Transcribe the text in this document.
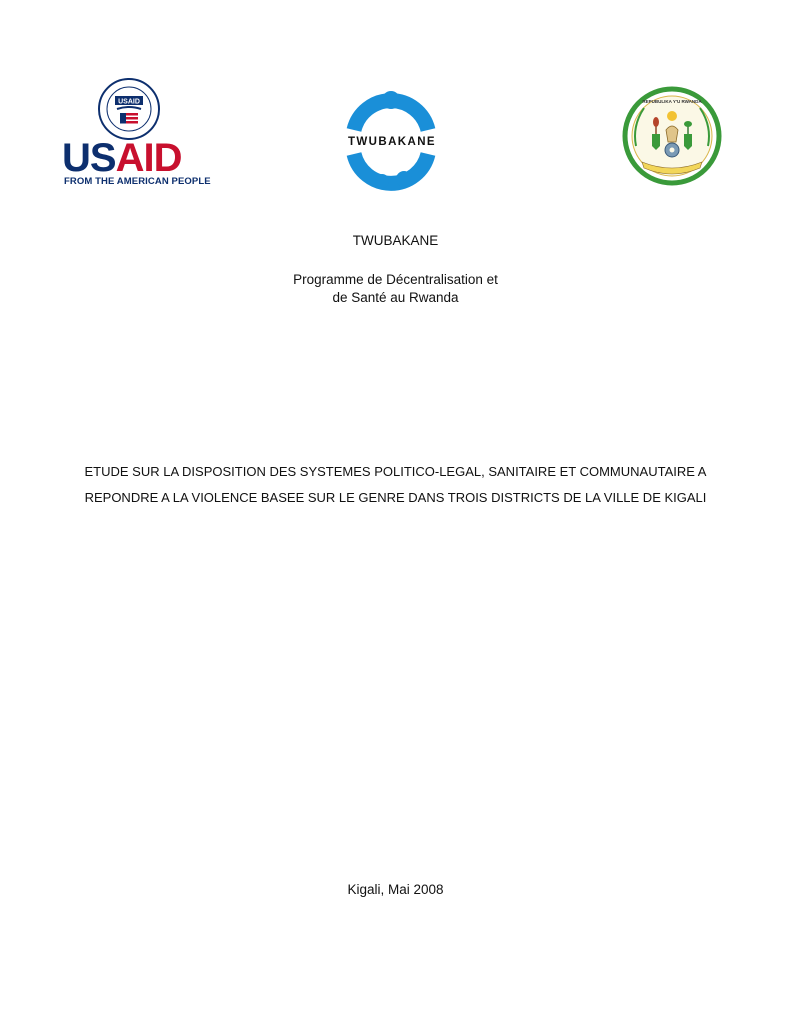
USAID
USAID
FROM THE AMERICAN PEOPLE
TWUBAKANE
REPUBULIKA Y'U RWANDA
TWUBAKANE
Programme de Décentralisation et
de Santé au Rwanda
ETUDE SUR LA DISPOSITION DES SYSTEMES POLITICO-LEGAL, SANITAIRE ET COMMUNAUTAIRE A
REPONDRE A LA VIOLENCE BASEE SUR LE GENRE DANS TROIS DISTRICTS DE LA VILLE DE KIGALI
Kigali, Mai 2008
